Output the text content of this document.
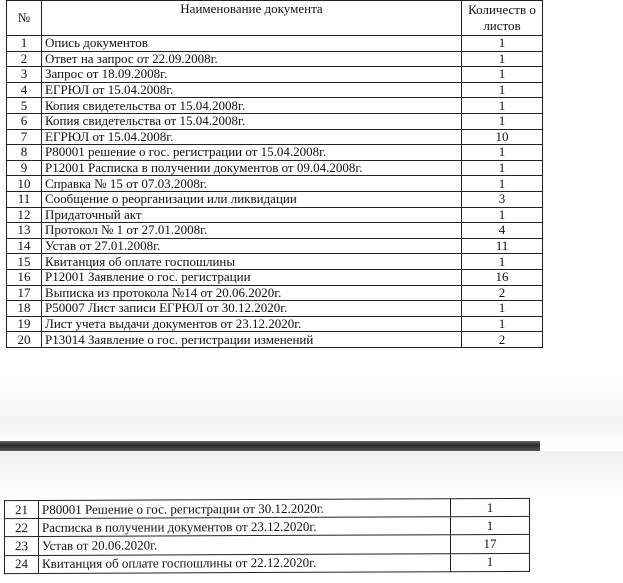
№	Наименование документа	Количеств о листов
1	Опись документов	1
2	Ответ на запрос от 22.09.2008г.	1
3	Запрос от 18.09.2008г.	1
4	ЕГРЮЛ от 15.04.2008г.	1
5	Копия свидетельства от 15.04.2008г.	1
6	Копия свидетельства от 15.04.2008г.	1
7	ЕГРЮЛ от 15.04.2008г.	10
8	Р80001 решение о гос. регистрации от 15.04.2008г.	1
9	Р12001 Расписка в получении документов от 09.04.2008г.	1
10	Справка № 15 от 07.03.2008г.	1
11	Сообщение о реорганизации или ликвидации	3
12	Придаточный акт	1
13	Протокол № 1 от 27.01.2008г.	4
14	Устав от 27.01.2008г.	11
15	Квитанция об оплате госпошлины	1
16	Р12001 Заявление о гос. регистрации	16
17	Выписка из протокола №14 от 20.06.2020г.	2
18	Р50007 Лист записи ЕГРЮЛ от 30.12.2020г.	1
19	Лист учета выдачи документов от 23.12.2020г.	1
20	Р13014 Заявление о гос. регистрации изменений	2
21	Р80001 Решение о гос. регистрации от 30.12.2020г.	1
22	Расписка в получении документов от 23.12.2020г.	1
23	Устав от 20.06.2020г.	17
24	Квитанция об оплате госпошлины от 22.12.2020г.	1
